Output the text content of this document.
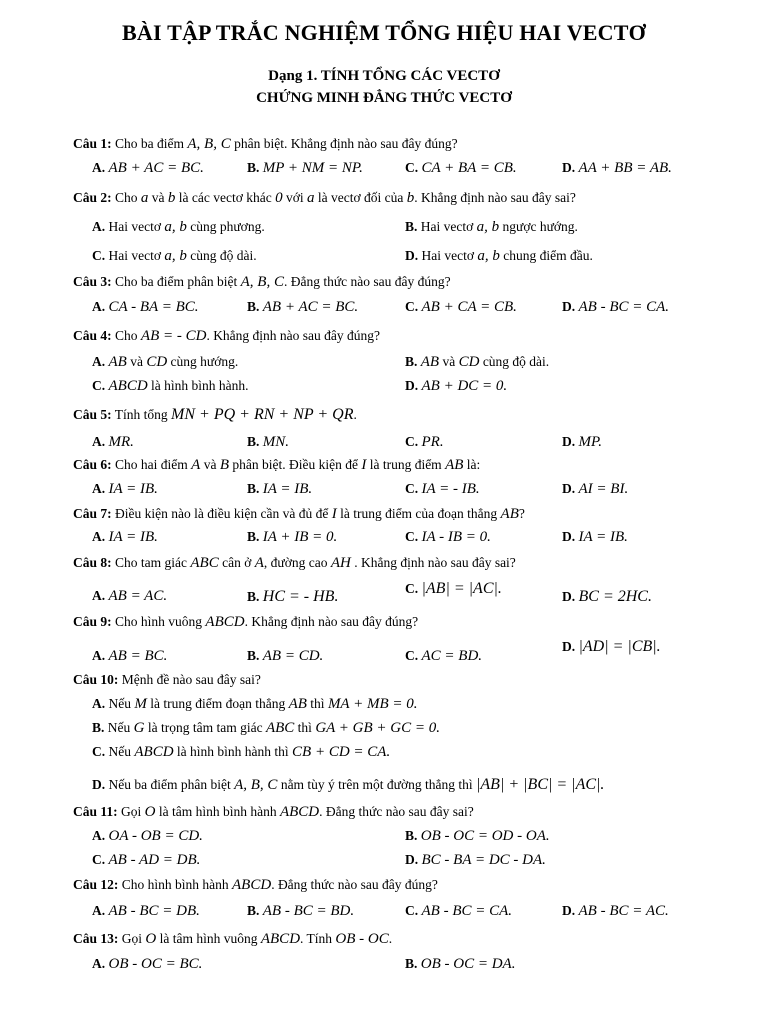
BÀI TẬP TRẮC NGHIỆM TỔNG HIỆU HAI VECTƠ
Dạng 1. TÍNH TỔNG CÁC VECTƠ
CHỨNG MINH ĐẲNG THỨC VECTƠ
Câu 1: Cho ba điểm A, B, C phân biệt. Khẳng định nào sau đây đúng?
A. AB + AC = BC.	B. MP + NM = NP.	C. CA + BA = CB.	D. AA + BB = AB.
Câu 2: Cho a và b là các vectơ khác 0 với a là vectơ đối của b. Khẳng định nào sau đây sai?
A. Hai vectơ a, b cùng phương.	B. Hai vectơ a, b ngược hướng.
C. Hai vectơ a, b cùng độ dài.	D. Hai vectơ a, b chung điểm đầu.
Câu 3: Cho ba điểm phân biệt A, B, C. Đẳng thức nào sau đây đúng?
A. CA - BA = BC.	B. AB + AC = BC.	C. AB + CA = CB.	D. AB - BC = CA.
Câu 4: Cho AB = - CD. Khẳng định nào sau đây đúng?
A. AB và CD cùng hướng.	B. AB và CD cùng độ dài.
C. ABCD là hình bình hành.	D. AB + DC = 0.
Câu 5: Tính tổng MN + PQ + RN + NP + QR.
A. MR.	B. MN.	C. PR.	D. MP.
Câu 6: Cho hai điểm A và B phân biệt. Điều kiện để I là trung điểm AB là:
A. IA = IB.	B. IA = IB.	C. IA = - IB.	D. AI = BI.
Câu 7: Điều kiện nào là điều kiện cần và đủ để I là trung điểm của đoạn thẳng AB?
A. IA = IB.	B. IA + IB = 0.	C. IA - IB = 0.	D. IA = IB.
Câu 8: Cho tam giác ABC cân ở A, đường cao AH . Khẳng định nào sau đây sai?
A. AB = AC.	B. HC = - HB.	C. |AB| = |AC|.	D. BC = 2HC.
Câu 9: Cho hình vuông ABCD. Khẳng định nào sau đây đúng?
A. AB = BC.	B. AB = CD.	C. AC = BD.
D. |AD| = |CB|.
Câu 10: Mệnh đề nào sau đây sai?
A. Nếu M là trung điểm đoạn thẳng AB thì MA + MB = 0.
B. Nếu G là trọng tâm tam giác ABC thì GA + GB + GC = 0.
C. Nếu ABCD là hình bình hành thì CB + CD = CA.
D. Nếu ba điểm phân biệt A, B, C nằm tùy ý trên một đường thẳng thì |AB| + |BC| = |AC|.
Câu 11: Gọi O là tâm hình bình hành ABCD. Đẳng thức nào sau đây sai?
A. OA - OB = CD.	B. OB - OC = OD - OA.
C. AB - AD = DB.	D. BC - BA = DC - DA.
Câu 12: Cho hình bình hành ABCD. Đẳng thức nào sau đây đúng?
A. AB - BC = DB.	B. AB - BC = BD.	C. AB - BC = CA.	D. AB - BC = AC.
Câu 13: Gọi O là tâm hình vuông ABCD. Tính OB - OC.
A. OB - OC = BC.	B. OB - OC = DA.
